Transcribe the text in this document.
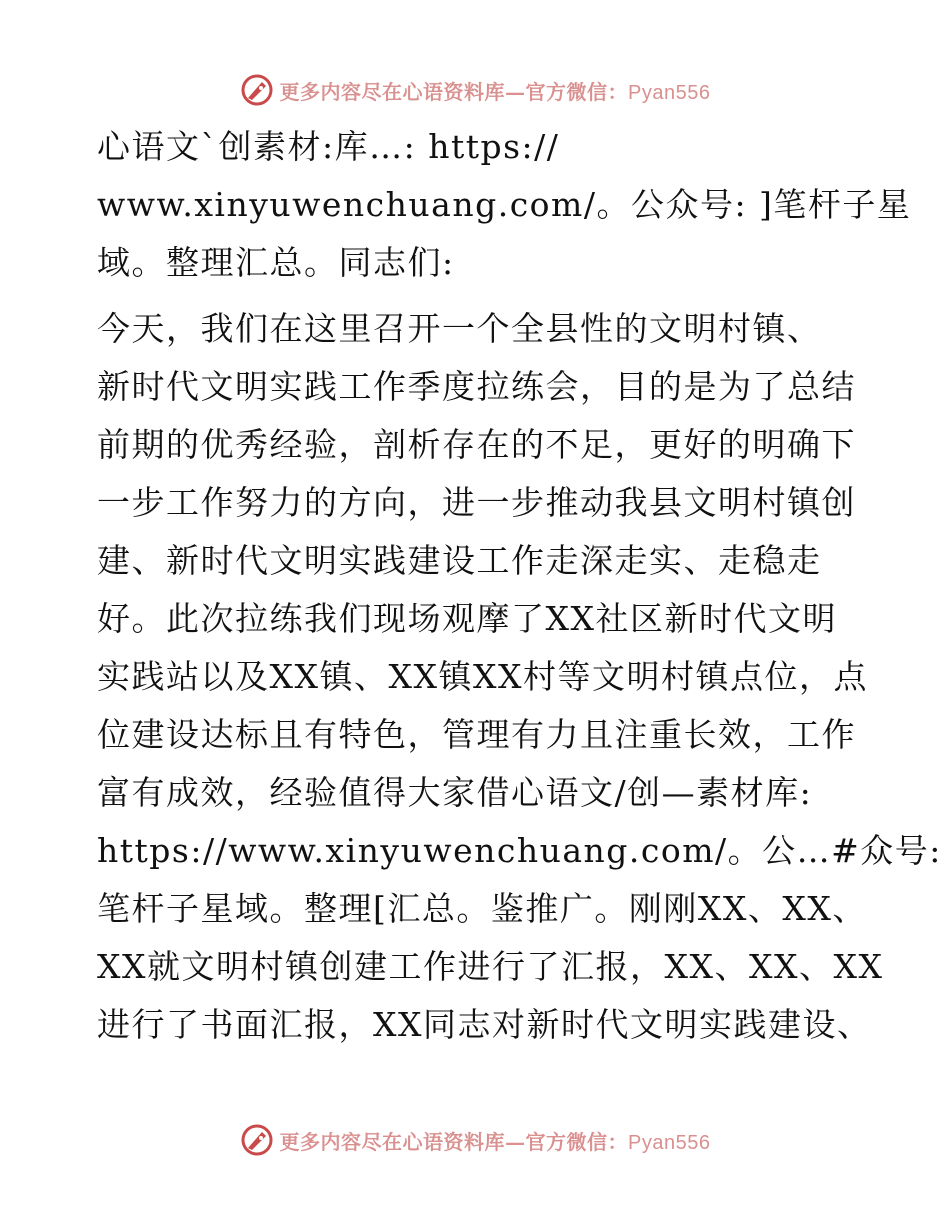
更多内容尽在心语资料库—官方微信：Pyan556
心语文`创素材:库…: https://
www.xinyuwenchuang.com/。公众号: ]笔杆子星
域。整理汇总。同志们:
今天，我们在这里召开一个全县性的文明村镇、
新时代文明实践工作季度拉练会，目的是为了总结
前期的优秀经验，剖析存在的不足，更好的明确下
一步工作努力的方向，进一步推动我县文明村镇创
建、新时代文明实践建设工作走深走实、走稳走
好。此次拉练我们现场观摩了XX社区新时代文明
实践站以及XX镇、XX镇XX村等文明村镇点位，点
位建设达标且有特色，管理有力且注重长效，工作
富有成效，经验值得大家借心语文/创—素材库:
https://www.xinyuwenchuang.com/。公…#众号:
笔杆子星域。整理[汇总。鉴推广。刚刚XX、XX、
XX就文明村镇创建工作进行了汇报，XX、XX、XX
进行了书面汇报，XX同志对新时代文明实践建设、
更多内容尽在心语资料库—官方微信：Pyan556
